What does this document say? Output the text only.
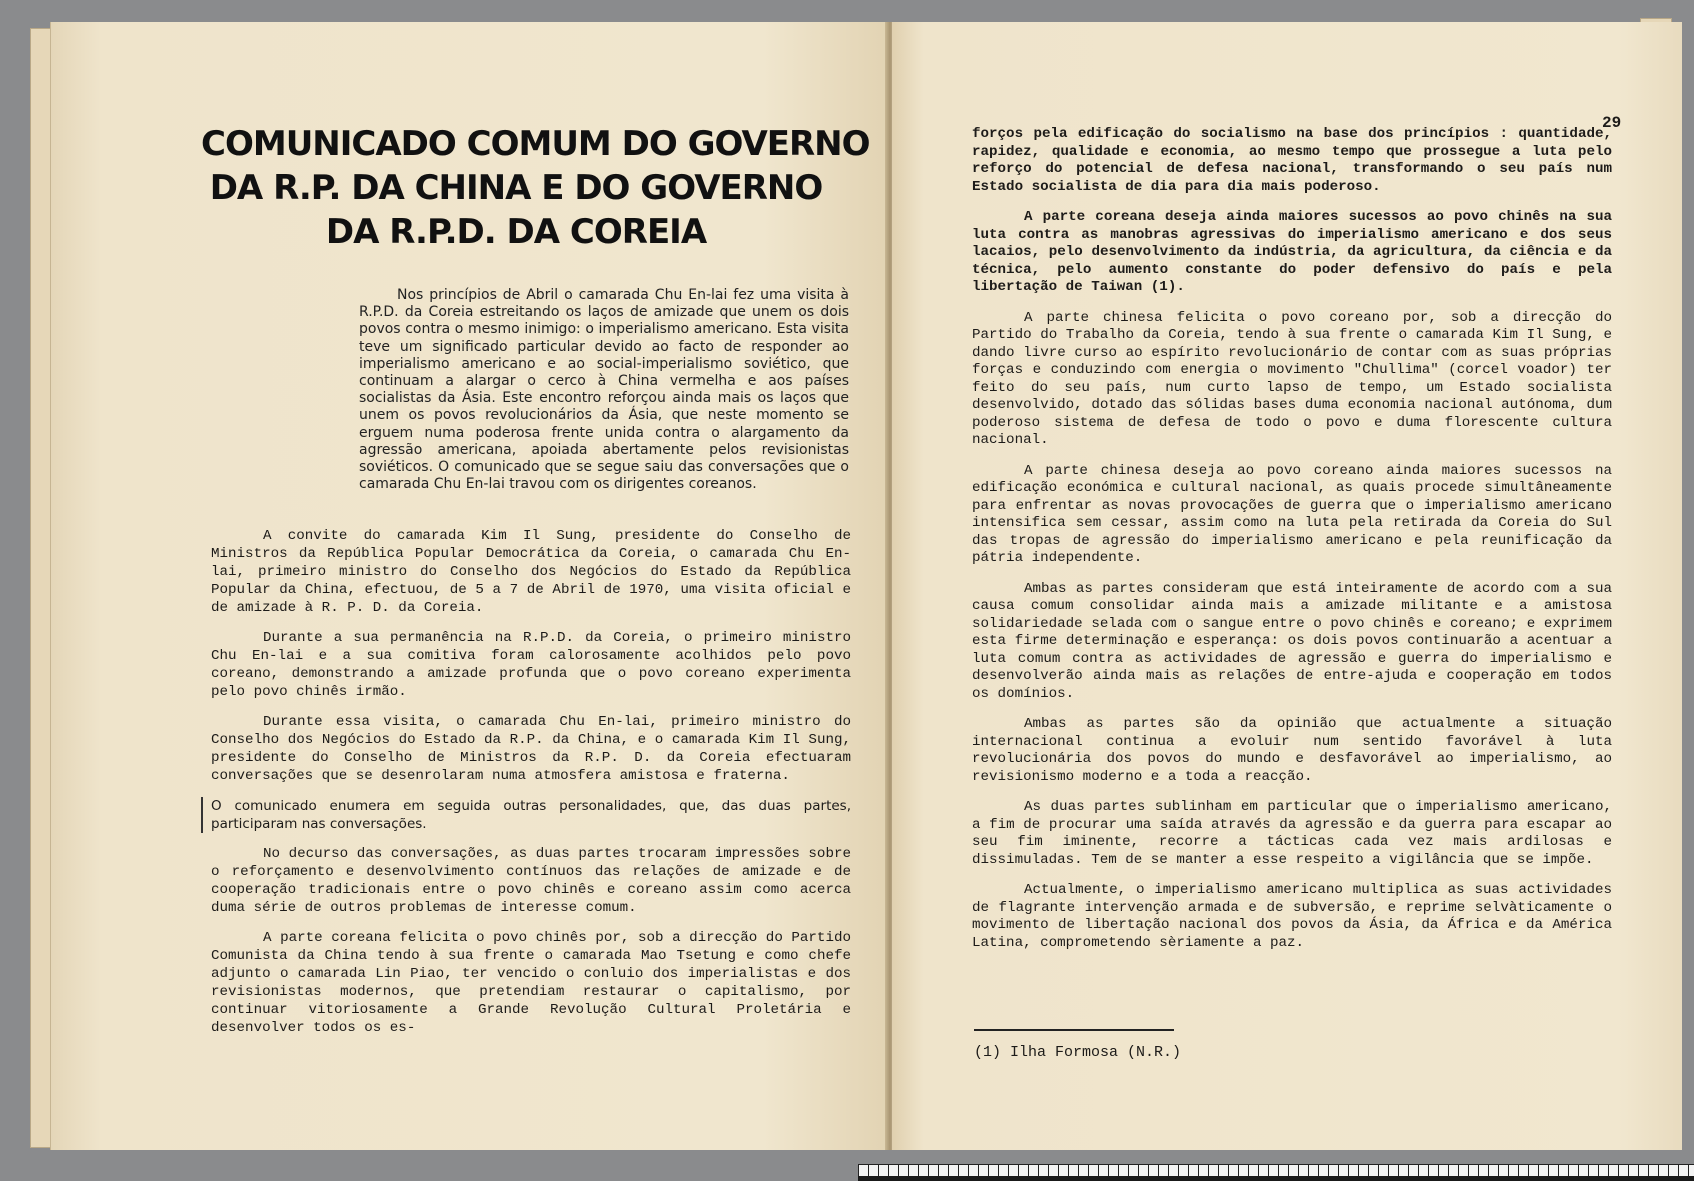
COMUNICADO COMUM DO GOVERNO
DA R.P. DA CHINA E DO GOVERNO
DA R.P.D. DA COREIA

Nos princípios de Abril o camarada Chu En-lai fez uma visita à R.P.D. da Coreia estreitando os laços de amizade que unem os dois povos contra o mesmo inimigo: o imperialismo americano. Esta visita teve um significado particular devido ao facto de responder ao imperialismo americano e ao social-imperialismo soviético, que continuam a alargar o cerco à China vermelha e aos países socialistas da Ásia. Este encontro reforçou ainda mais os laços que unem os povos revolucionários da Ásia, que neste momento se erguem numa poderosa frente unida contra o alargamento da agressão americana, apoiada abertamente pelos revisionistas soviéticos. O comunicado que se segue saiu das conversações que o camarada Chu En-lai travou com os dirigentes coreanos.

A convite do camarada Kim Il Sung, presidente do Conselho de Ministros da República Popular Democrática da Coreia, o camarada Chu En-lai, primeiro ministro do Conselho dos Negócios do Estado da República Popular da China, efectuou, de 5 a 7 de Abril de 1970, uma visita oficial e de amizade à R. P. D. da Coreia.

Durante a sua permanência na R.P.D. da Coreia, o primeiro ministro Chu En-lai e a sua comitiva foram calorosamente acolhidos pelo povo coreano, demonstrando a amizade profunda que o povo coreano experimenta pelo povo chinês irmão.

Durante essa visita, o camarada Chu En-lai, primeiro ministro do Conselho dos Negócios do Estado da R.P. da China, e o camarada Kim Il Sung, presidente do Conselho de Ministros da R.P. D. da Coreia efectuaram conversações que se desenrolaram numa atmosfera amistosa e fraterna.

O comunicado enumera em seguida outras personalidades, que, das duas partes, participaram nas conversações.

No decurso das conversações, as duas partes trocaram impressões sobre o reforçamento e desenvolvimento contínuos das relações de amizade e de cooperação tradicionais entre o povo chinês e coreano assim como acerca duma série de outros problemas de interesse comum.

A parte coreana felicita o povo chinês por, sob a direcção do Partido Comunista da China tendo à sua frente o camarada Mao Tsetung e como chefe adjunto o camarada Lin Piao, ter vencido o conluio dos imperialistas e dos revisionistas modernos, que pretendiam restaurar o capitalismo, por continuar vitoriosamente a Grande Revolução Cultural Proletária e desenvolver todos os es-

29

forços pela edificação do socialismo na base dos princípios : quantidade, rapidez, qualidade e economia, ao mesmo tempo que prossegue a luta pelo reforço do potencial de defesa nacional, transformando o seu país num Estado socialista de dia para dia mais poderoso.

A parte coreana deseja ainda maiores sucessos ao povo chinês na sua luta contra as manobras agressivas do imperialismo americano e dos seus lacaios, pelo desenvolvimento da indústria, da agricultura, da ciência e da técnica, pelo aumento constante do poder defensivo do país e pela libertação de Taiwan (1).

A parte chinesa felicita o povo coreano por, sob a direcção do Partido do Trabalho da Coreia, tendo à sua frente o camarada Kim Il Sung, e dando livre curso ao espírito revolucionário de contar com as suas próprias forças e conduzindo com energia o movimento "Chullima" (corcel voador) ter feito do seu país, num curto lapso de tempo, um Estado socialista desenvolvido, dotado das sólidas bases duma economia nacional autónoma, dum poderoso sistema de defesa de todo o povo e duma florescente cultura nacional.

A parte chinesa deseja ao povo coreano ainda maiores sucessos na edificação económica e cultural nacional, as quais procede simultâneamente para enfrentar as novas provocações de guerra que o imperialismo americano intensifica sem cessar, assim como na luta pela retirada da Coreia do Sul das tropas de agressão do imperialismo americano e pela reunificação da pátria independente.

Ambas as partes consideram que está inteiramente de acordo com a sua causa comum consolidar ainda mais a amizade militante e a amistosa solidariedade selada com o sangue entre o povo chinês e coreano; e exprimem esta firme determinação e esperança: os dois povos continuarão a acentuar a luta comum contra as actividades de agressão e guerra do imperialismo e desenvolverão ainda mais as relações de entre-ajuda e cooperação em todos os domínios.

Ambas as partes são da opinião que actualmente a situação internacional continua a evoluir num sentido favorável à luta revolucionária dos povos do mundo e desfavorável ao imperialismo, ao revisionismo moderno e a toda a reacção.

As duas partes sublinham em particular que o imperialismo americano, a fim de procurar uma saída através da agressão e da guerra para escapar ao seu fim iminente, recorre a tácticas cada vez mais ardilosas e dissimuladas. Tem de se manter a esse respeito a vigilância que se impõe.

Actualmente, o imperialismo americano multiplica as suas actividades de flagrante intervenção armada e de subversão, e reprime selvàticamente o movimento de libertação nacional dos povos da Ásia, da África e da América Latina, comprometendo sèriamente a paz.

(1) Ilha Formosa (N.R.)
